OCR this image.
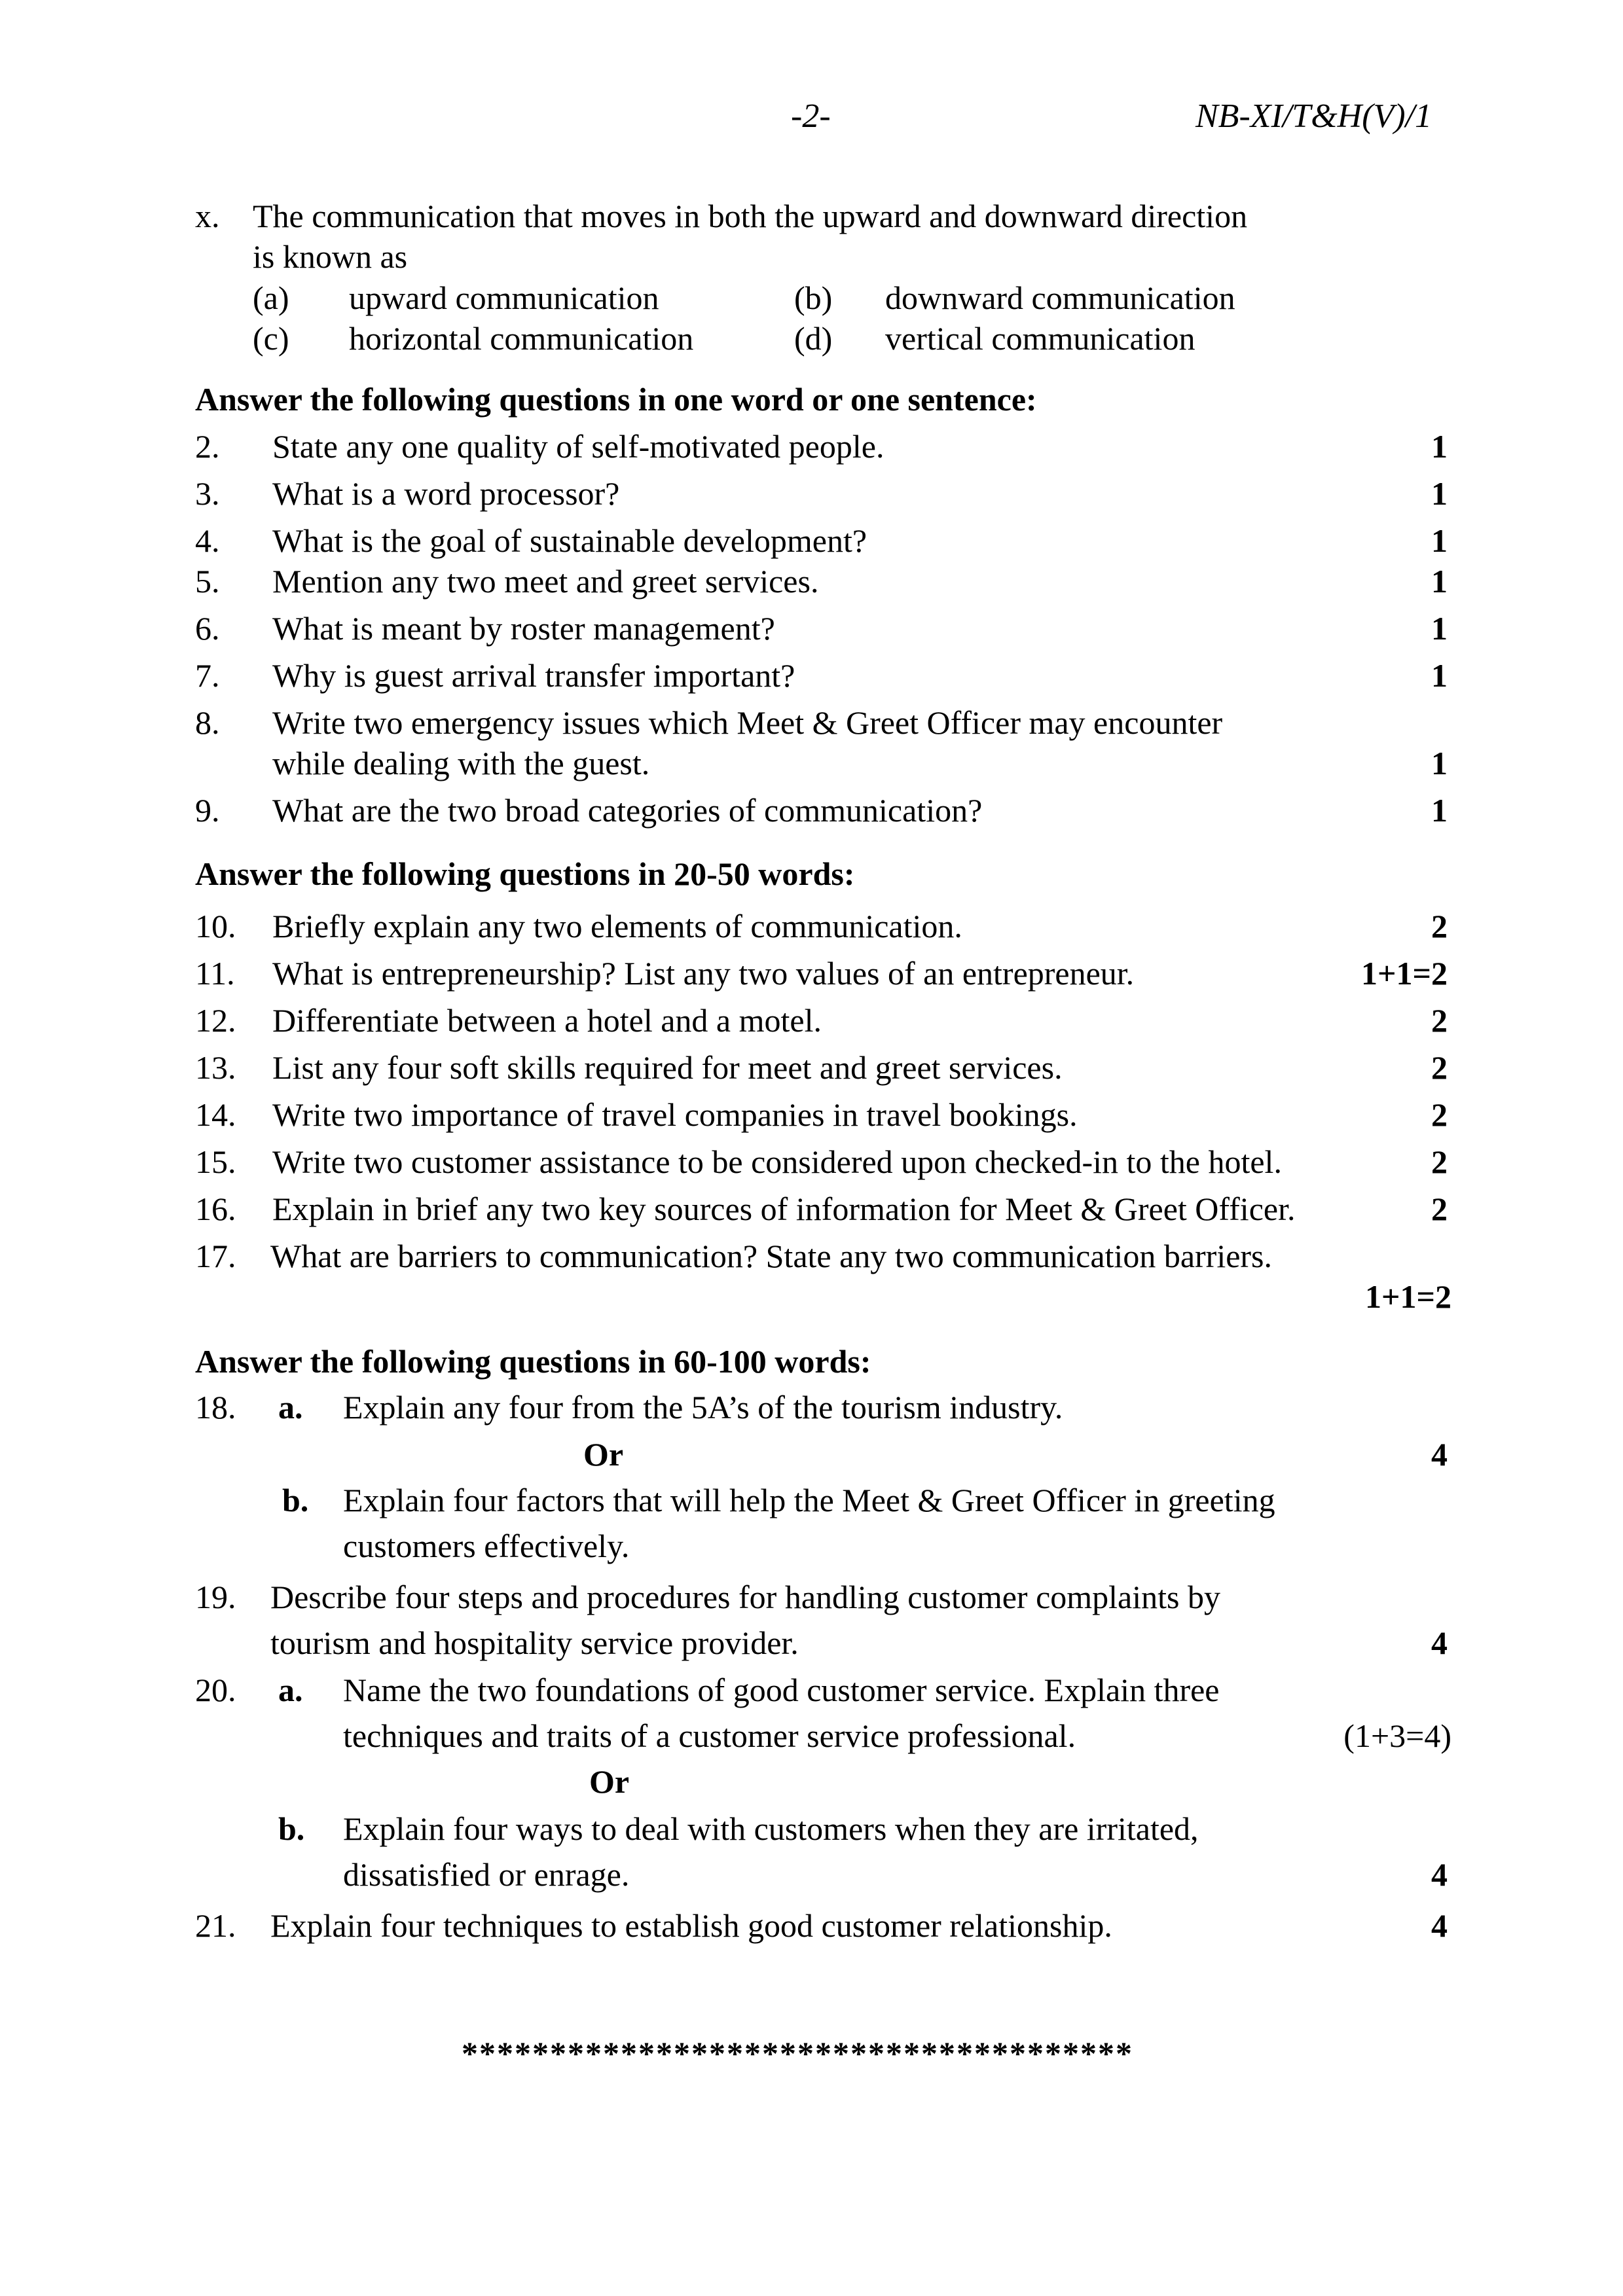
-2-	NB-XI/T&H(V)/1
x. The communication that moves in both the upward and downward direction
is known as
(a) upward communication	(b) downward communication
(c) horizontal communication	(d) vertical communication
Answer the following questions in one word or one sentence:
2. State any one quality of self-motivated people.	1
3. What is a word processor?	1
4. What is the goal of sustainable development?	1
5. Mention any two meet and greet services.	1
6. What is meant by roster management?	1
7. Why is guest arrival transfer important?	1
8. Write two emergency issues which Meet & Greet Officer may encounter
while dealing with the guest.	1
9. What are the two broad categories of communication?	1
Answer the following questions in 20-50 words:
10. Briefly explain any two elements of communication.	2
11. What is entrepreneurship? List any two values of an entrepreneur.	1+1=2
12. Differentiate between a hotel and a motel.	2
13. List any four soft skills required for meet and greet services.	2
14. Write two importance of travel companies in travel bookings.	2
15. Write two customer assistance to be considered upon checked-in to the hotel.	2
16. Explain in brief any two key sources of information for Meet & Greet Officer.	2
17. What are barriers to communication? State any two communication barriers.
1+1=2
Answer the following questions in 60-100 words:
18. a. Explain any four from the 5A’s of the tourism industry.
Or	4
b. Explain four factors that will help the Meet & Greet Officer in greeting
customers effectively.
19. Describe four steps and procedures for handling customer complaints by
tourism and hospitality service provider.	4
20. a. Name the two foundations of good customer service. Explain three
techniques and traits of a customer service professional.	(1+3=4)
Or
b. Explain four ways to deal with customers when they are irritated,
dissatisfied or enrage.	4
21. Explain four techniques to establish good customer relationship.	4
**************************************
